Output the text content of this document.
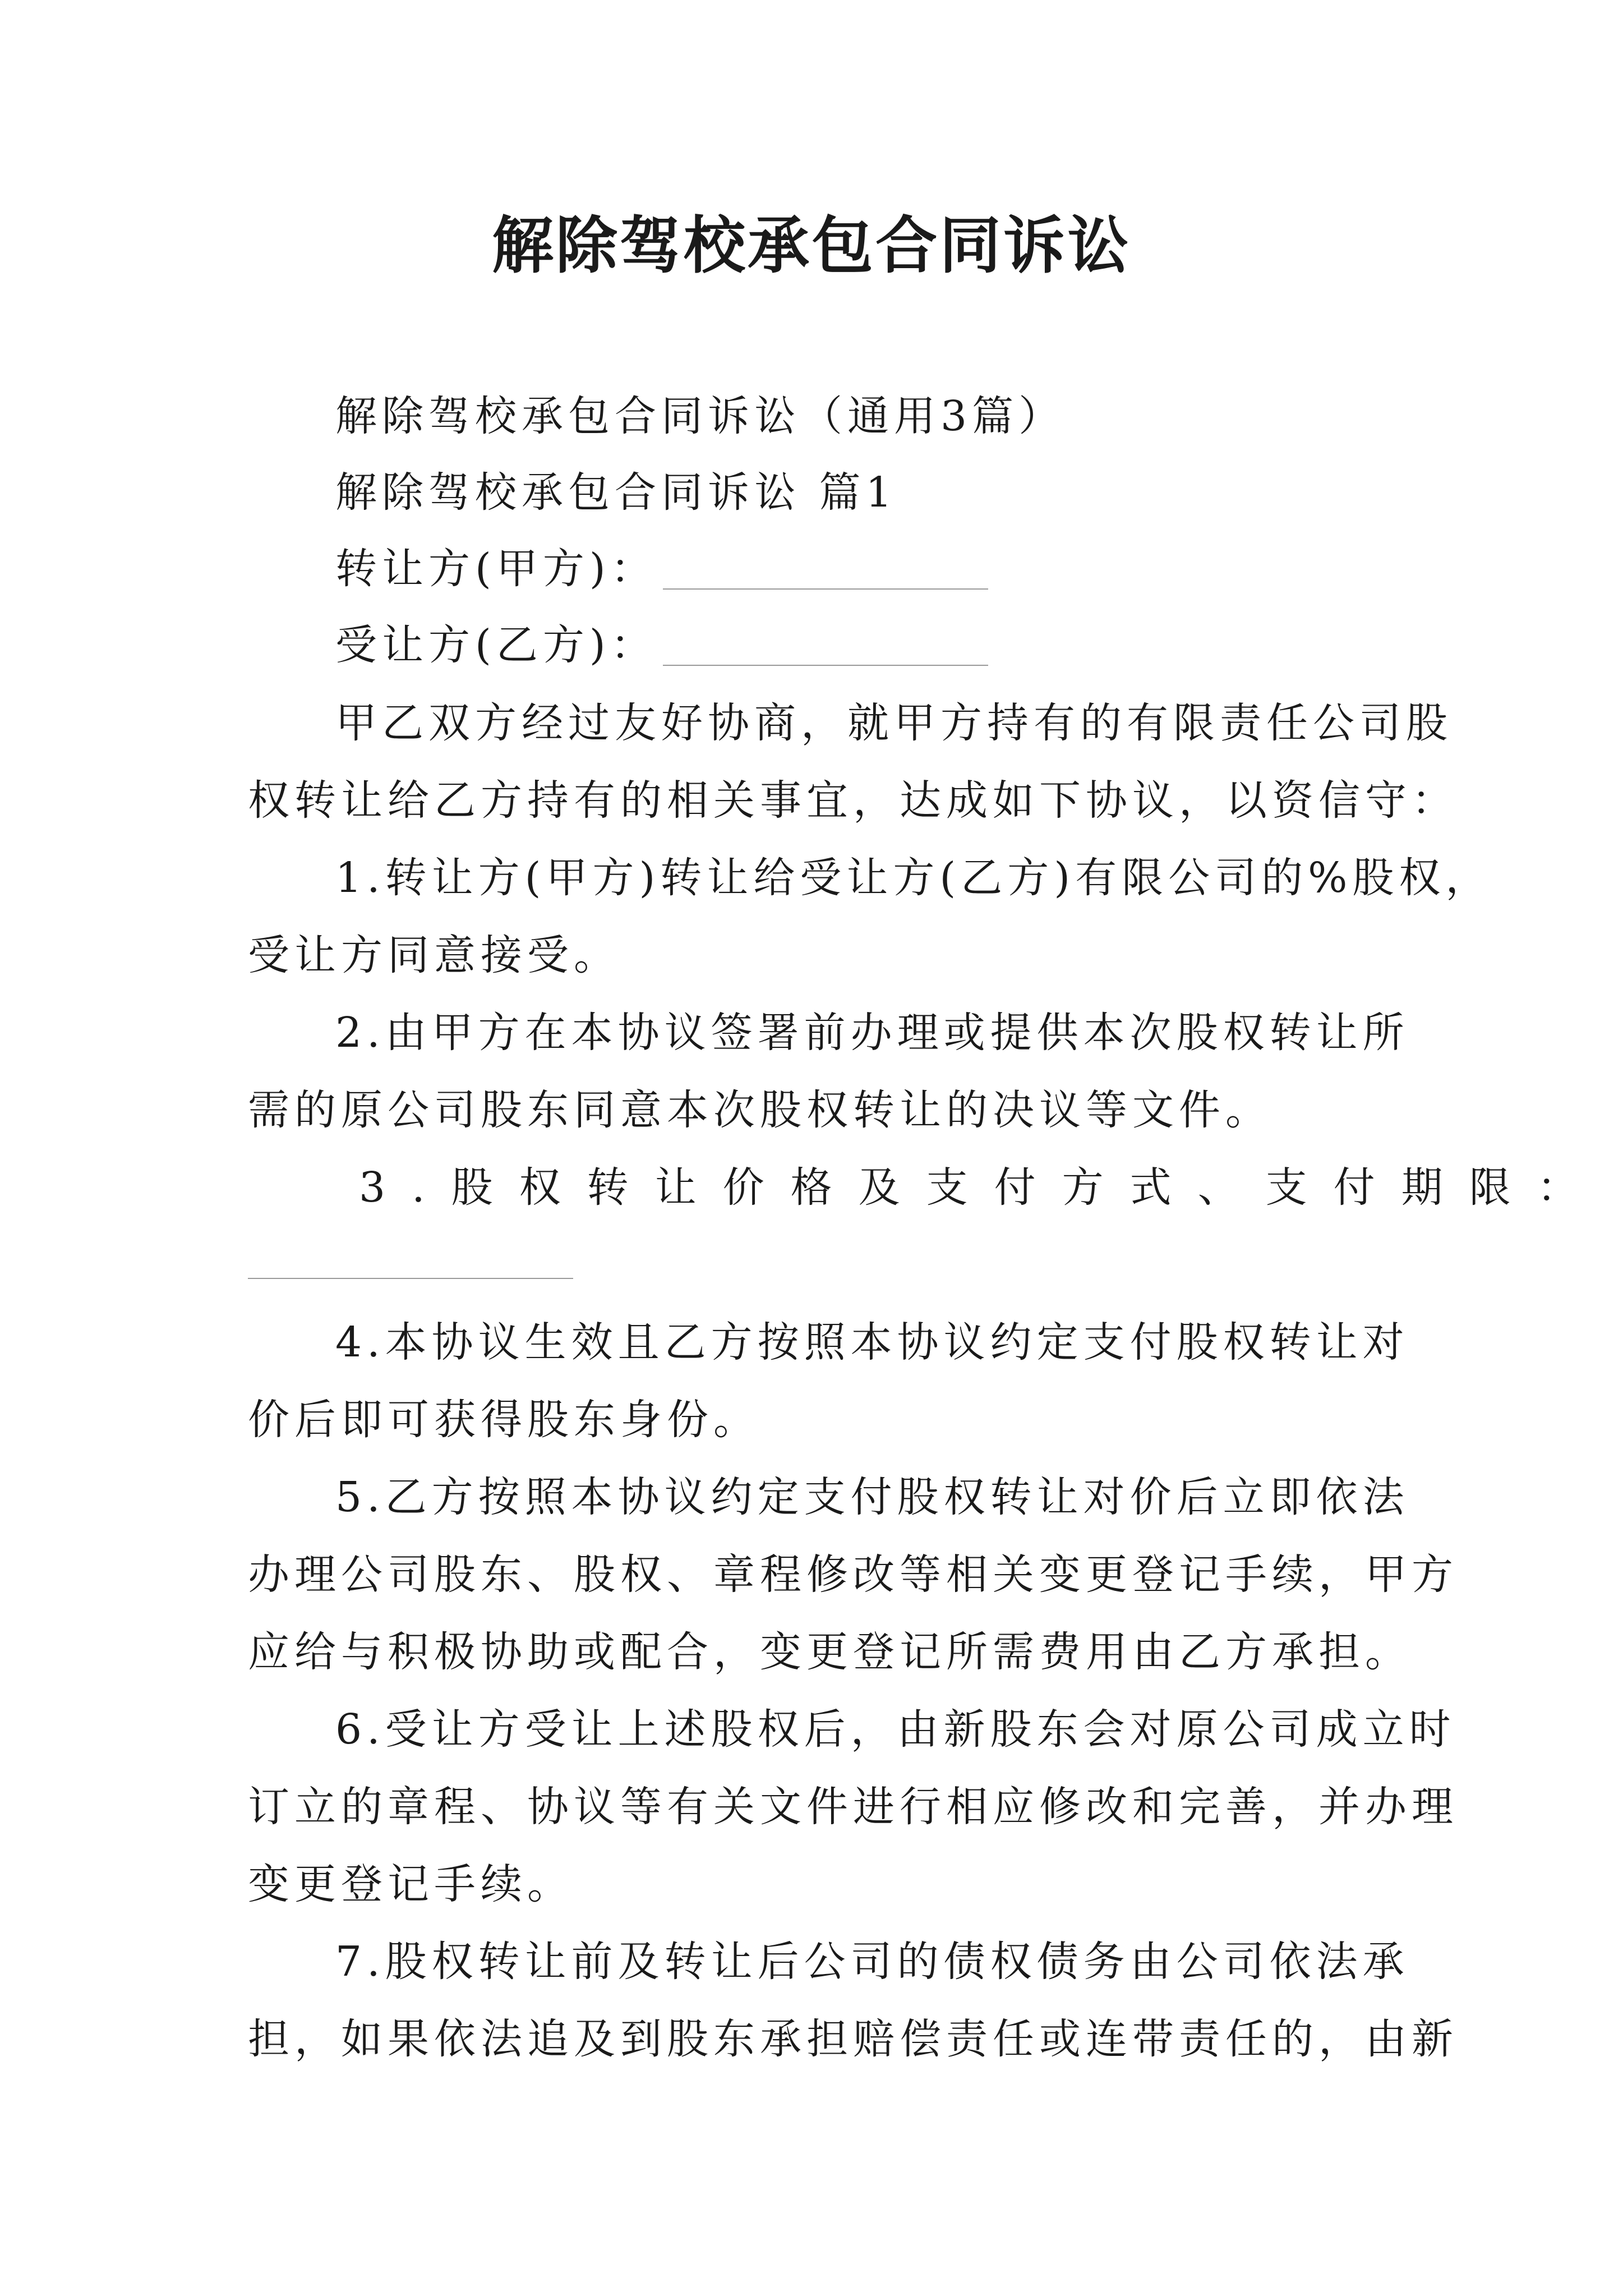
解除驾校承包合同诉讼
解除驾校承包合同诉讼（通用3篇）
解除驾校承包合同诉讼 篇1
转让方(甲方)：
受让方(乙方)：
甲乙双方经过友好协商，就甲方持有的有限责任公司股
权转让给乙方持有的相关事宜，达成如下协议，以资信守：
1.转让方(甲方)转让给受让方(乙方)有限公司的%股权，
受让方同意接受。
2.由甲方在本协议签署前办理或提供本次股权转让所
需的原公司股东同意本次股权转让的决议等文件。
3.股权转让价格及支付方式、支付期限：
4.本协议生效且乙方按照本协议约定支付股权转让对
价后即可获得股东身份。
5.乙方按照本协议约定支付股权转让对价后立即依法
办理公司股东、股权、章程修改等相关变更登记手续，甲方
应给与积极协助或配合，变更登记所需费用由乙方承担。
6.受让方受让上述股权后，由新股东会对原公司成立时
订立的章程、协议等有关文件进行相应修改和完善，并办理
变更登记手续。
7.股权转让前及转让后公司的债权债务由公司依法承
担，如果依法追及到股东承担赔偿责任或连带责任的，由新
